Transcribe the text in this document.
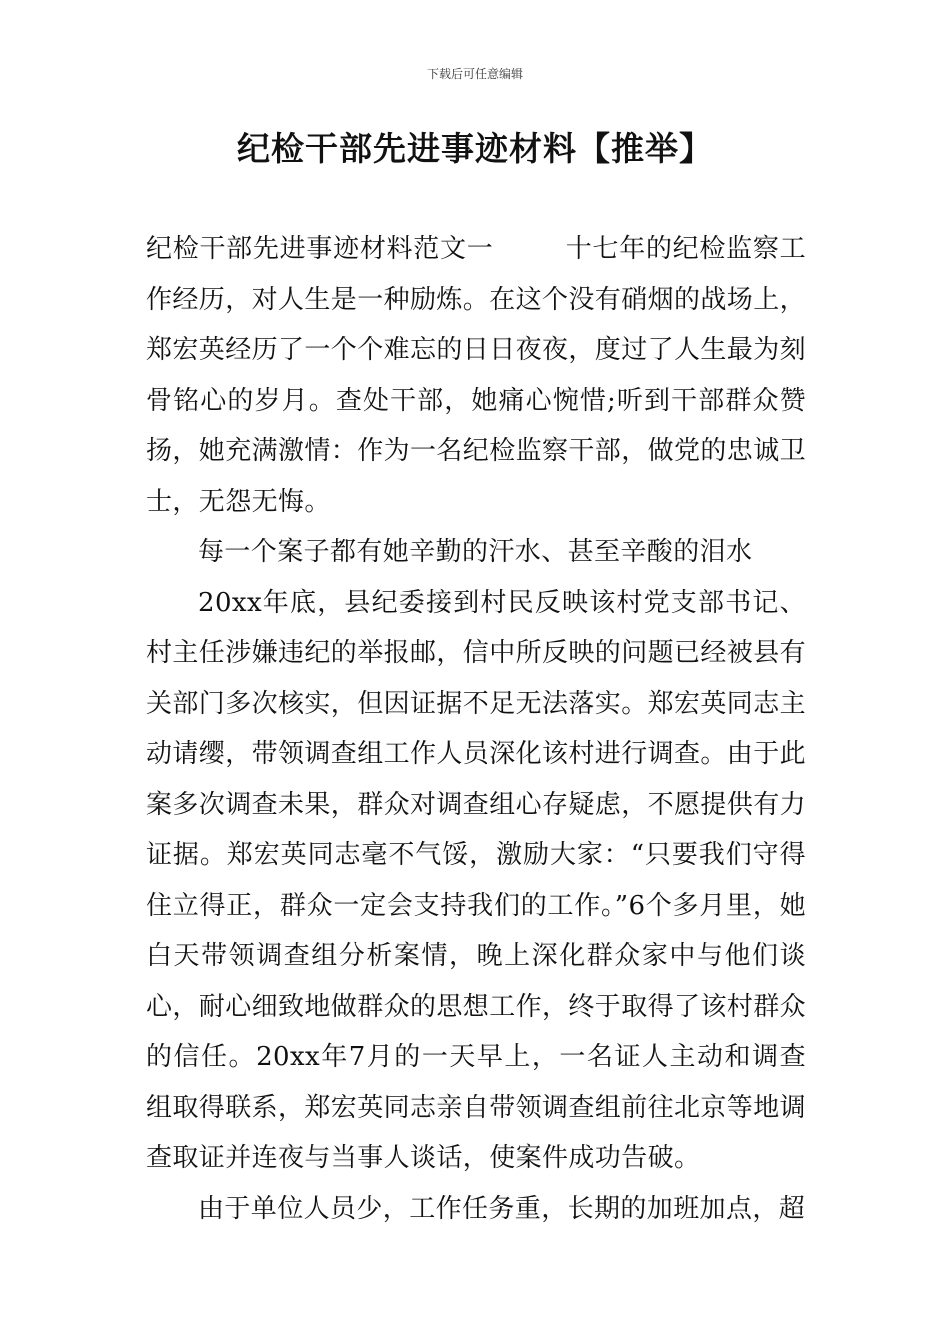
下载后可任意编辑
纪检干部先进事迹材料【推举】

纪检干部先进事迹材料范文一	十七年的纪检监察工作经历，对人生是一种励炼。在这个没有硝烟的战场上，郑宏英经历了一个个难忘的日日夜夜，度过了人生最为刻骨铭心的岁月。查处干部，她痛心惋惜;听到干部群众赞扬，她充满激情：作为一名纪检监察干部，做党的忠诚卫士，无怨无悔。

每一个案子都有她辛勤的汗水、甚至辛酸的泪水

20xx年底，县纪委接到村民反映该村党支部书记、村主任涉嫌违纪的举报邮，信中所反映的问题已经被县有关部门多次核实，但因证据不足无法落实。郑宏英同志主动请缨，带领调查组工作人员深化该村进行调查。由于此案多次调查未果，群众对调查组心存疑虑，不愿提供有力证据。郑宏英同志毫不气馁，激励大家：“只要我们守得住立得正，群众一定会支持我们的工作。”6个多月里，她白天带领调查组分析案情，晚上深化群众家中与他们谈心，耐心细致地做群众的思想工作，终于取得了该村群众的信任。20xx年7月的一天早上，一名证人主动和调查组取得联系，郑宏英同志亲自带领调查组前往北京等地调查取证并连夜与当事人谈话，使案件成功告破。

由于单位人员少，工作任务重，长期的加班加点，超
